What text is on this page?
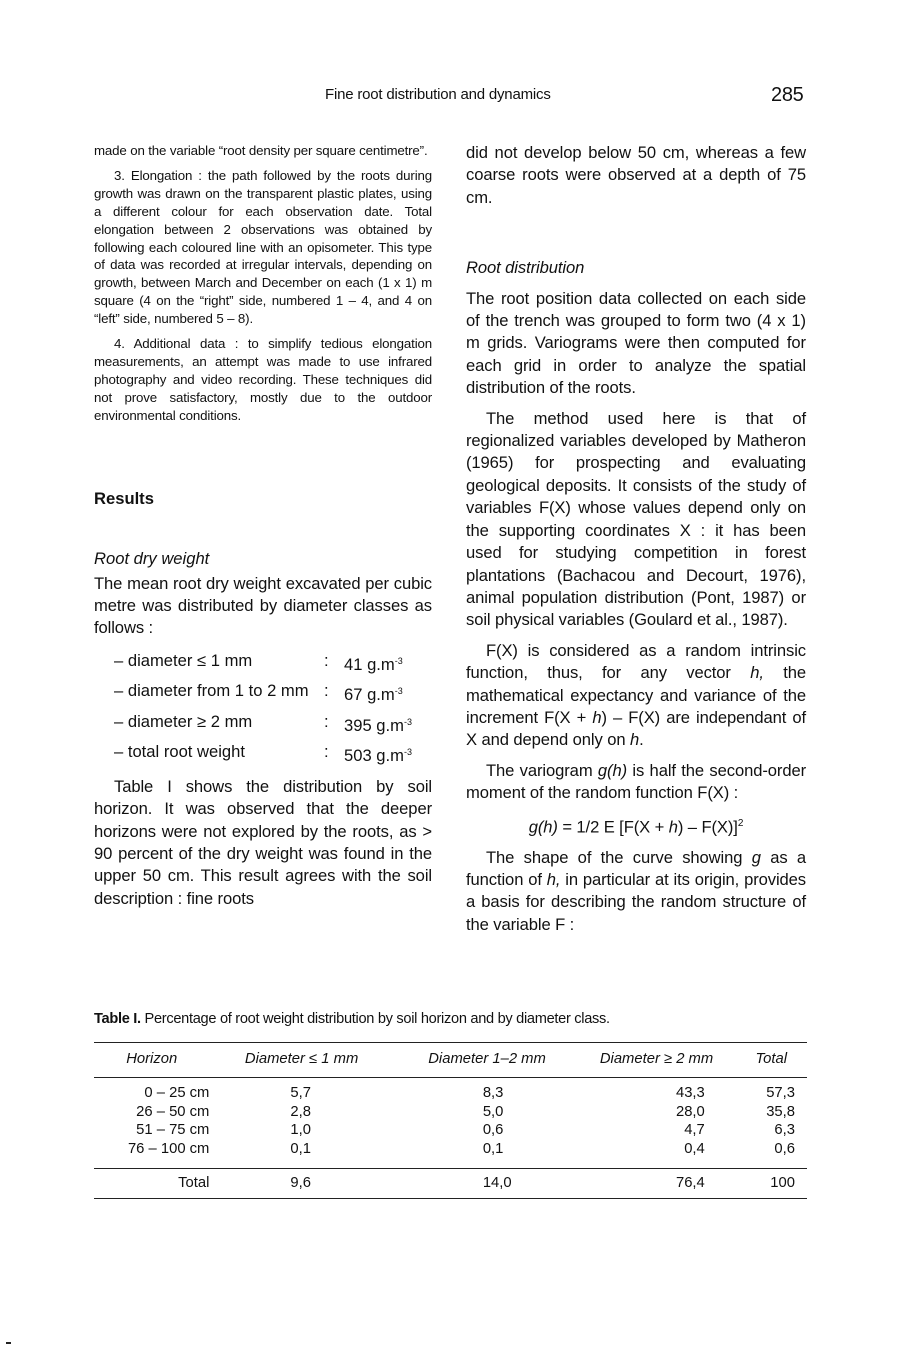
Fine root distribution and dynamics	285

made on the variable “root density per square centimetre”.

3. Elongation : the path followed by the roots during growth was drawn on the transparent plastic plates, using a different colour for each observation date. Total elongation between 2 observations was obtained by following each coloured line with an opisometer. This type of data was recorded at irregular intervals, depending on growth, between March and December on each (1 x 1) m square (4 on the “right” side, numbered 1 – 4, and 4 on “left” side, numbered 5 – 8).

4. Additional data : to simplify tedious elongation measurements, an attempt was made to use infrared photography and video recording. These techniques did not prove satisfactory, mostly due to the outdoor environmental conditions.

Results

Root dry weight

The mean root dry weight excavated per cubic metre was distributed by diameter classes as follows :

– diameter ≤ 1 mm	: 41 $g.m^{-3}$
– diameter from 1 to 2 mm : 67 $g.m^{-3}$
– diameter ≥ 2 mm	: 395 $g.m^{-3}$
– total root weight	: 503 $g.m^{-3}$

Table I shows the distribution by soil horizon. It was observed that the deeper horizons were not explored by the roots, as > 90 percent of the dry weight was found in the upper 50 cm. This result agrees with the soil description : fine roots

did not develop below 50 cm, whereas a few coarse roots were observed at a depth of 75 cm.

Root distribution

The root position data collected on each side of the trench was grouped to form two (4 x 1) m grids. Variograms were then computed for each grid in order to analyze the spatial distribution of the roots.

The method used here is that of regionalized variables developed by Matheron (1965) for prospecting and evaluating geological deposits. It consists of the study of variables F(X) whose values depend only on the supporting coordinates X : it has been used for studying competition in forest plantations (Bachacou and Decourt, 1976), animal population distribution (Pont, 1987) or soil physical variables (Goulard et al., 1987).

F(X) is considered as a random intrinsic function, thus, for any vector h, the mathematical expectancy and variance of the increment F(X + h) – F(X) are independant of X and depend only on h.

The variogram g(h) is half the second-order moment of the random function F(X) :

g(h) = 1/2 E $[F(X + h) - F(X)]^2$

The shape of the curve showing g as a function of h, in particular at its origin, provides a basis for describing the random structure of the variable F :

Table I. Percentage of root weight distribution by soil horizon and by diameter class.

Horizon	Diameter ≤ 1 mm	Diameter 1–2 mm	Diameter ≥ 2 mm	Total
0 – 25 cm	5,7	8,3	43,3	57,3
26 – 50 cm	2,8	5,0	28,0	35,8
51 – 75 cm	1,0	0,6	4,7	6,3
76 – 100 cm	0,1	0,1	0,4	0,6
Total	9,6	14,0	76,4	100
